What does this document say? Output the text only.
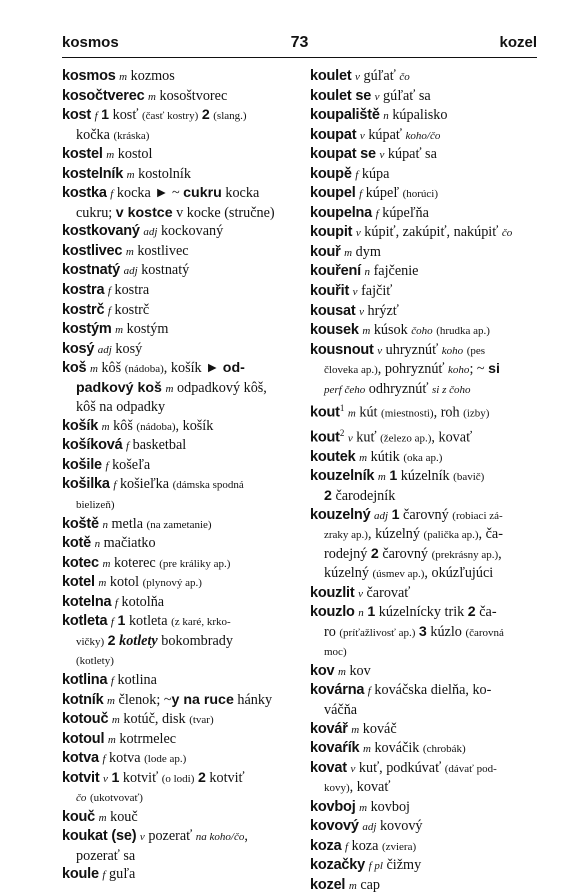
kosmos	73	kozel

kosmos m kozmos

kosočtverec m kosoštvorec

kost f 1 kosť (časť kostry) 2 (slang.)

kočka (kráska)

kostel m kostol

kostelník m kostolník

kostka f kocka ► ~ cukru kocka

cukru; v kostce v kocke (stručne)

kostkovaný adj kockovaný

kostlivec m kostlivec

kostnatý adj kostnatý

kostra f kostra

kostrč f kostrč

kostým m kostým

kosý adj kosý

koš m kôš (nádoba), košík ► od-

padkový koš m odpadkový kôš,

kôš na odpadky

košík m kôš (nádoba), košík

košíková f basketbal

košile f košeľa

košilka f košieľka (dámska spodná

bielizeň)

koště n metla (na zametanie)

kotě n mačiatko

kotec m koterec (pre králiky ap.)

kotel m kotol (plynový ap.)

kotelna f kotolňa

kotleta f 1 kotleta (z karé, krko-

vičky) 2 kotlety bokombrady

(kotlety)

kotlina f kotlina

kotník m členok; ~y na ruce hánky

kotouč m kotúč, disk (tvar)

kotoul m kotrmelec

kotva f kotva (lode ap.)

kotvit v 1 kotviť (o lodi) 2 kotviť

čo (ukotvovať)

kouč m kouč

koukat (se) v pozerať na koho/čo,

pozerať sa

koule f guľa

koulet v gúľať čo

koulet se v gúľať sa

koupaliště n kúpalisko

koupat v kúpať koho/čo

koupat se v kúpať sa

koupě f kúpa

koupel f kúpeľ (horúci)

koupelna f kúpeľňa

koupit v kúpiť, zakúpiť, nakúpiť čo

kouř m dym

kouření n fajčenie

kouřit v fajčiť

kousat v hrýzť

kousek m kúsok čoho (hrudka ap.)

kousnout v uhryznúť koho (pes

človeka ap.), pohryznúť koho; ~ si

perf čeho odhryznúť si z čoho

kout$^1$ m kút (miestnosti), roh (izby)

kout$^2$ v kuť (železo ap.), kovať

koutek m kútik (oka ap.)

kouzelník m 1 kúzelník (bavič)

2 čarodejník

kouzelný adj 1 čarovný (robiaci zá-

zraky ap.), kúzelný (palička ap.), ča-

rodejný 2 čarovný (prekrásny ap.),

kúzelný (úsmev ap.), okúzľujúci

kouzlit v čarovať

kouzlo n 1 kúzelnícky trik 2 ča-

ro (príťažlivosť ap.) 3 kúzlo (čarovná

moc)

kov m kov

kovárna f kováčska dielňa, ko-

váčňa

kovář m kováč

kovaŕík m kováčik (chrobák)

kovat v kuť, podkúvať (dávať pod-

kovy), kovať

kovboj m kovboj

kovový adj kovový

koza f koza (zviera)

kozačky f pl čižmy

kozel m cap
